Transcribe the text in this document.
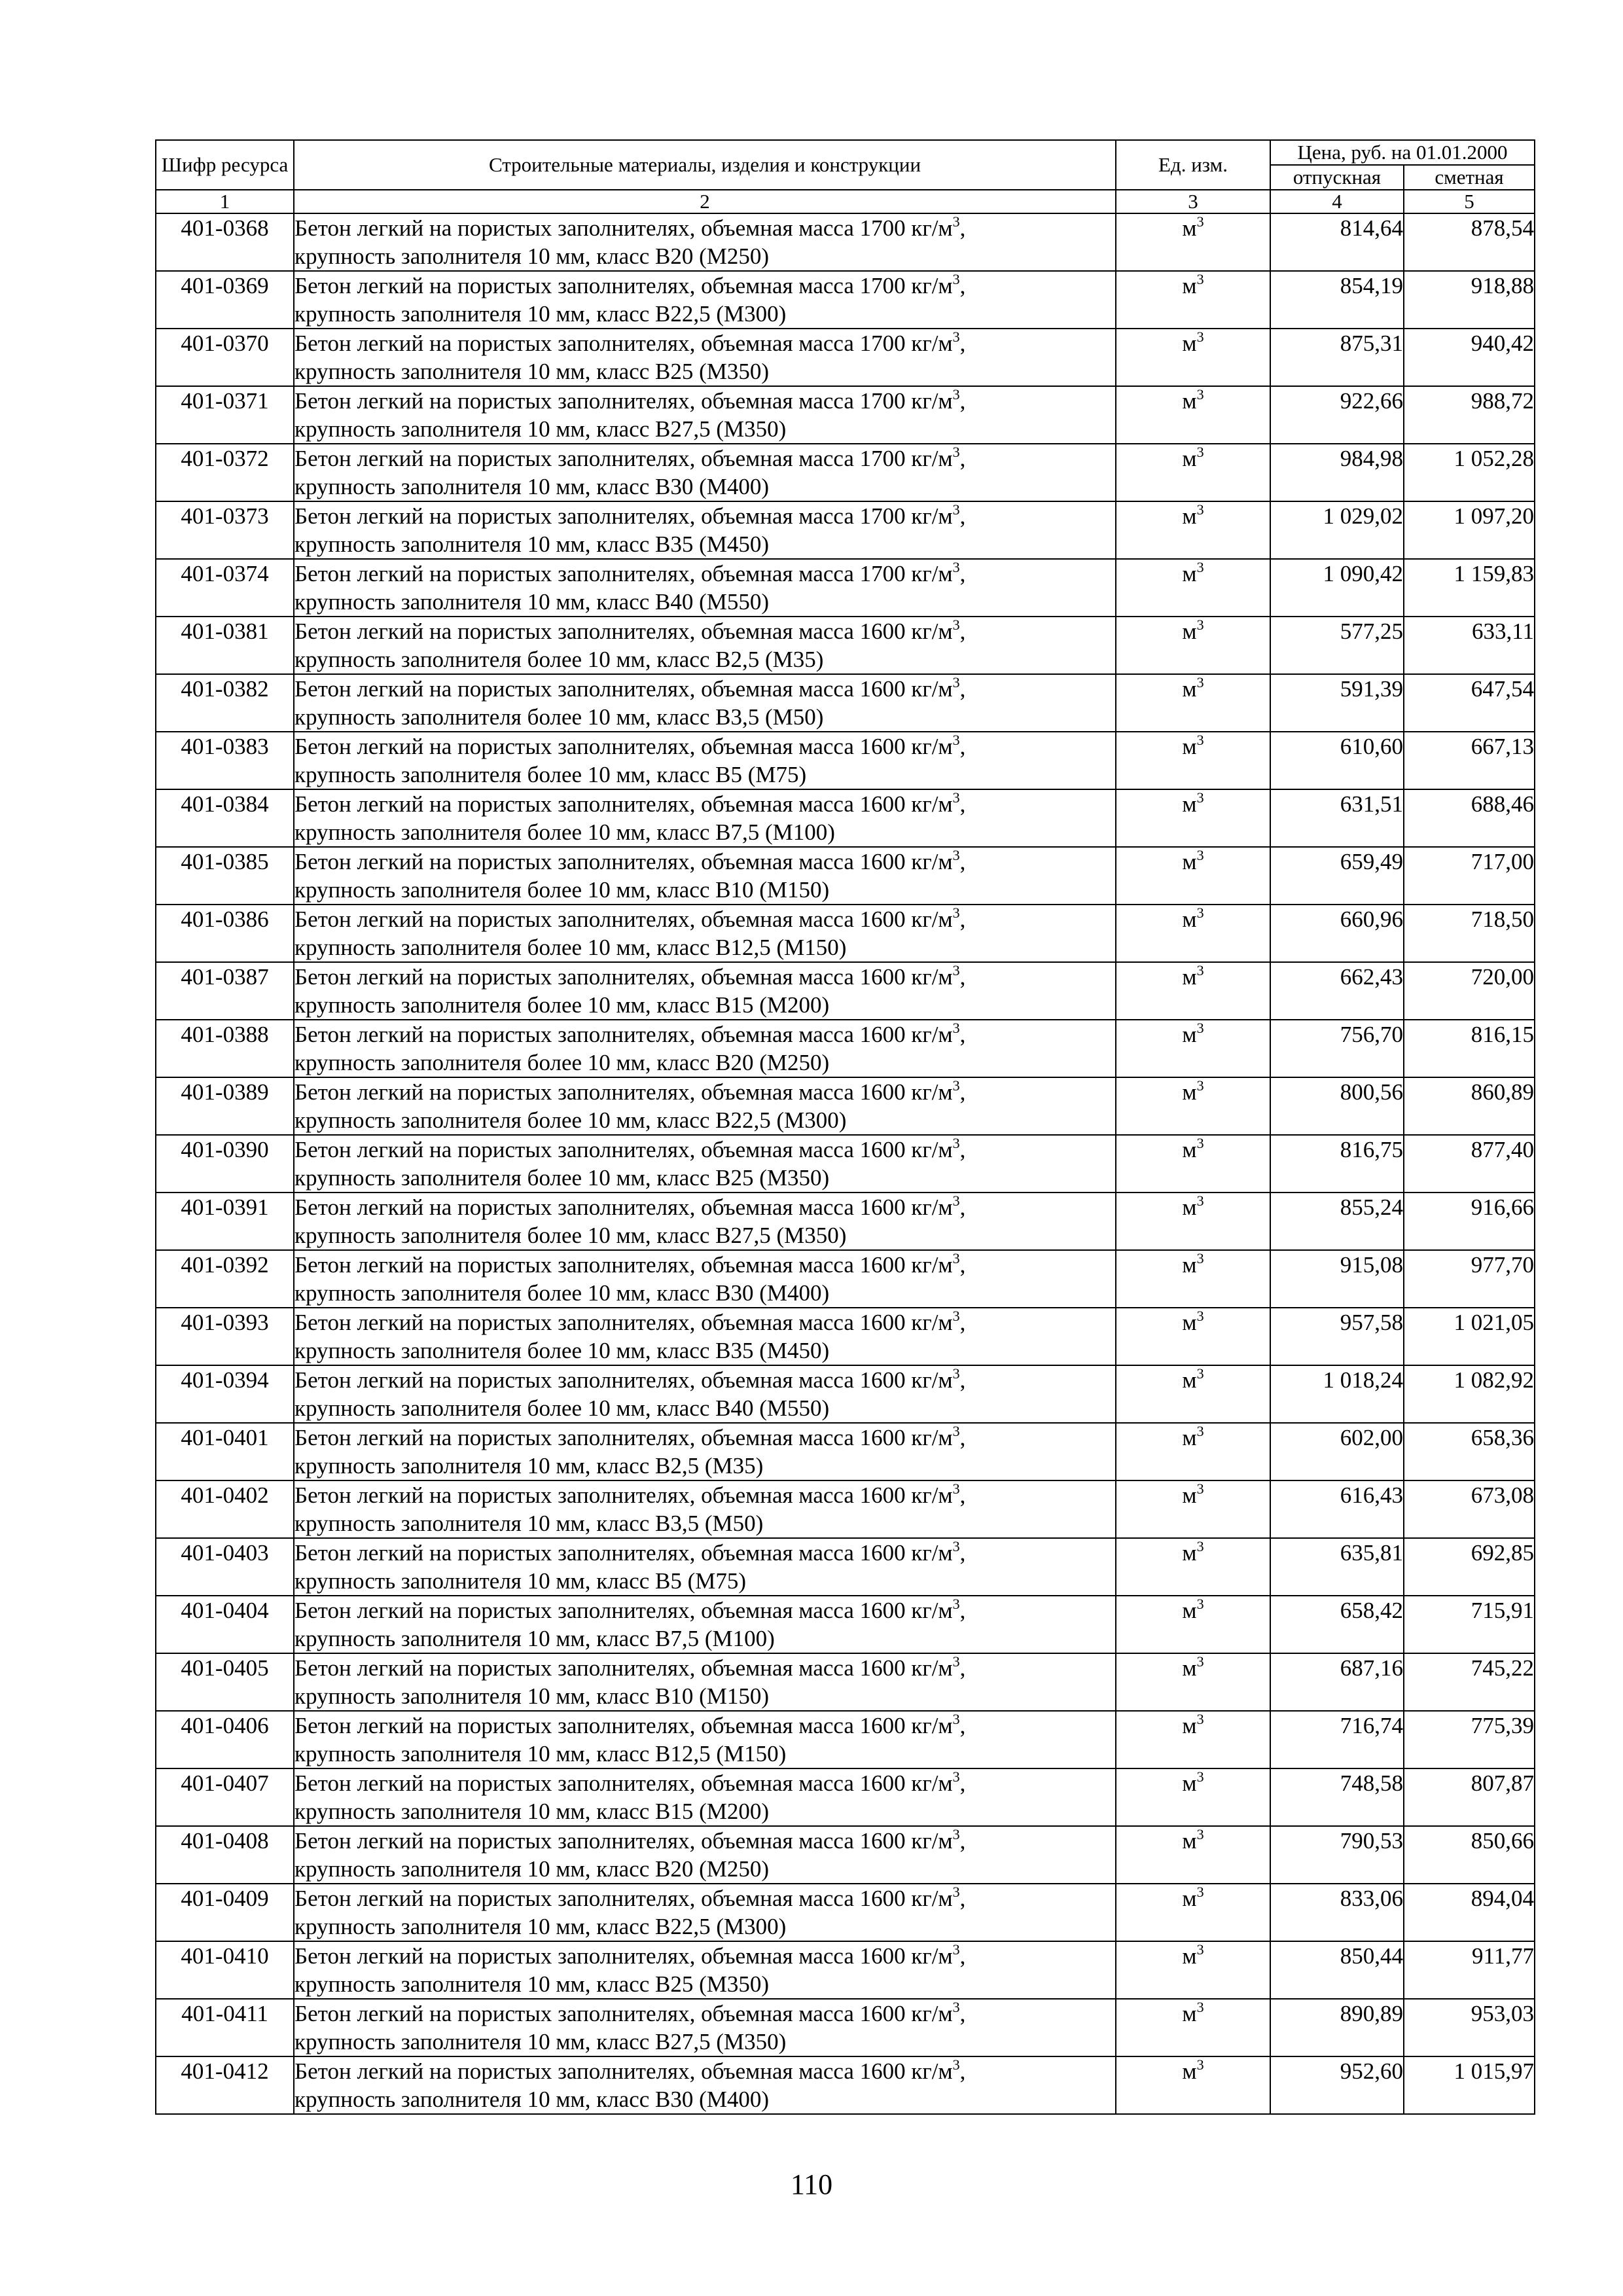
Шифр ресурса	Строительные материалы, изделия и конструкции	Ед. изм.	Цена, руб. на 01.01.2000	
			отпускная	сметная
1	2	3	4	5
401-0368	Бетон легкий на пористых заполнителях, объемная масса 1700 $кг/м^3$,
крупность заполнителя 10 мм, класс В20 (М250)	$м^3$	814,64	878,54
401-0369	Бетон легкий на пористых заполнителях, объемная масса 1700 $кг/м^3$,
крупность заполнителя 10 мм, класс В22,5 (М300)	$м^3$	854,19	918,88
401-0370	Бетон легкий на пористых заполнителях, объемная масса 1700 $кг/м^3$,
крупность заполнителя 10 мм, класс В25 (М350)	$м^3$	875,31	940,42
401-0371	Бетон легкий на пористых заполнителях, объемная масса 1700 $кг/м^3$,
крупность заполнителя 10 мм, класс В27,5 (М350)	$м^3$	922,66	988,72
401-0372	Бетон легкий на пористых заполнителях, объемная масса 1700 $кг/м^3$,
крупность заполнителя 10 мм, класс В30 (М400)	$м^3$	984,98	1 052,28
401-0373	Бетон легкий на пористых заполнителях, объемная масса 1700 $кг/м^3$,
крупность заполнителя 10 мм, класс В35 (М450)	$м^3$	1 029,02	1 097,20
401-0374	Бетон легкий на пористых заполнителях, объемная масса 1700 $кг/м^3$,
крупность заполнителя 10 мм, класс В40 (М550)	$м^3$	1 090,42	1 159,83
401-0381	Бетон легкий на пористых заполнителях, объемная масса 1600 $кг/м^3$,
крупность заполнителя более 10 мм, класс В2,5 (М35)	$м^3$	577,25	633,11
401-0382	Бетон легкий на пористых заполнителях, объемная масса 1600 $кг/м^3$,
крупность заполнителя более 10 мм, класс В3,5 (М50)	$м^3$	591,39	647,54
401-0383	Бетон легкий на пористых заполнителях, объемная масса 1600 $кг/м^3$,
крупность заполнителя более 10 мм, класс В5 (М75)	$м^3$	610,60	667,13
401-0384	Бетон легкий на пористых заполнителях, объемная масса 1600 $кг/м^3$,
крупность заполнителя более 10 мм, класс В7,5 (М100)	$м^3$	631,51	688,46
401-0385	Бетон легкий на пористых заполнителях, объемная масса 1600 $кг/м^3$,
крупность заполнителя более 10 мм, класс В10 (М150)	$м^3$	659,49	717,00
401-0386	Бетон легкий на пористых заполнителях, объемная масса 1600 $кг/м^3$,
крупность заполнителя более 10 мм, класс В12,5 (М150)	$м^3$	660,96	718,50
401-0387	Бетон легкий на пористых заполнителях, объемная масса 1600 $кг/м^3$,
крупность заполнителя более 10 мм, класс В15 (М200)	$м^3$	662,43	720,00
401-0388	Бетон легкий на пористых заполнителях, объемная масса 1600 $кг/м^3$,
крупность заполнителя более 10 мм, класс В20 (М250)	$м^3$	756,70	816,15
401-0389	Бетон легкий на пористых заполнителях, объемная масса 1600 $кг/м^3$,
крупность заполнителя более 10 мм, класс В22,5 (М300)	$м^3$	800,56	860,89
401-0390	Бетон легкий на пористых заполнителях, объемная масса 1600 $кг/м^3$,
крупность заполнителя более 10 мм, класс В25 (М350)	$м^3$	816,75	877,40
401-0391	Бетон легкий на пористых заполнителях, объемная масса 1600 $кг/м^3$,
крупность заполнителя более 10 мм, класс В27,5 (М350)	$м^3$	855,24	916,66
401-0392	Бетон легкий на пористых заполнителях, объемная масса 1600 $кг/м^3$,
крупность заполнителя более 10 мм, класс В30 (М400)	$м^3$	915,08	977,70
401-0393	Бетон легкий на пористых заполнителях, объемная масса 1600 $кг/м^3$,
крупность заполнителя более 10 мм, класс В35 (М450)	$м^3$	957,58	1 021,05
401-0394	Бетон легкий на пористых заполнителях, объемная масса 1600 $кг/м^3$,
крупность заполнителя более 10 мм, класс В40 (М550)	$м^3$	1 018,24	1 082,92
401-0401	Бетон легкий на пористых заполнителях, объемная масса 1600 $кг/м^3$,
крупность заполнителя 10 мм, класс В2,5 (М35)	$м^3$	602,00	658,36
401-0402	Бетон легкий на пористых заполнителях, объемная масса 1600 $кг/м^3$,
крупность заполнителя 10 мм, класс В3,5 (М50)	$м^3$	616,43	673,08
401-0403	Бетон легкий на пористых заполнителях, объемная масса 1600 $кг/м^3$,
крупность заполнителя 10 мм, класс В5 (М75)	$м^3$	635,81	692,85
401-0404	Бетон легкий на пористых заполнителях, объемная масса 1600 $кг/м^3$,
крупность заполнителя 10 мм, класс В7,5 (М100)	$м^3$	658,42	715,91
401-0405	Бетон легкий на пористых заполнителях, объемная масса 1600 $кг/м^3$,
крупность заполнителя 10 мм, класс В10 (М150)	$м^3$	687,16	745,22
401-0406	Бетон легкий на пористых заполнителях, объемная масса 1600 $кг/м^3$,
крупность заполнителя 10 мм, класс В12,5 (М150)	$м^3$	716,74	775,39
401-0407	Бетон легкий на пористых заполнителях, объемная масса 1600 $кг/м^3$,
крупность заполнителя 10 мм, класс В15 (М200)	$м^3$	748,58	807,87
401-0408	Бетон легкий на пористых заполнителях, объемная масса 1600 $кг/м^3$,
крупность заполнителя 10 мм, класс В20 (М250)	$м^3$	790,53	850,66
401-0409	Бетон легкий на пористых заполнителях, объемная масса 1600 $кг/м^3$,
крупность заполнителя 10 мм, класс В22,5 (М300)	$м^3$	833,06	894,04
401-0410	Бетон легкий на пористых заполнителях, объемная масса 1600 $кг/м^3$,
крупность заполнителя 10 мм, класс В25 (М350)	$м^3$	850,44	911,77
401-0411	Бетон легкий на пористых заполнителях, объемная масса 1600 $кг/м^3$,
крупность заполнителя 10 мм, класс В27,5 (М350)	$м^3$	890,89	953,03
401-0412	Бетон легкий на пористых заполнителях, объемная масса 1600 $кг/м^3$,
крупность заполнителя 10 мм, класс В30 (М400)	$м^3$	952,60	1 015,97
110
